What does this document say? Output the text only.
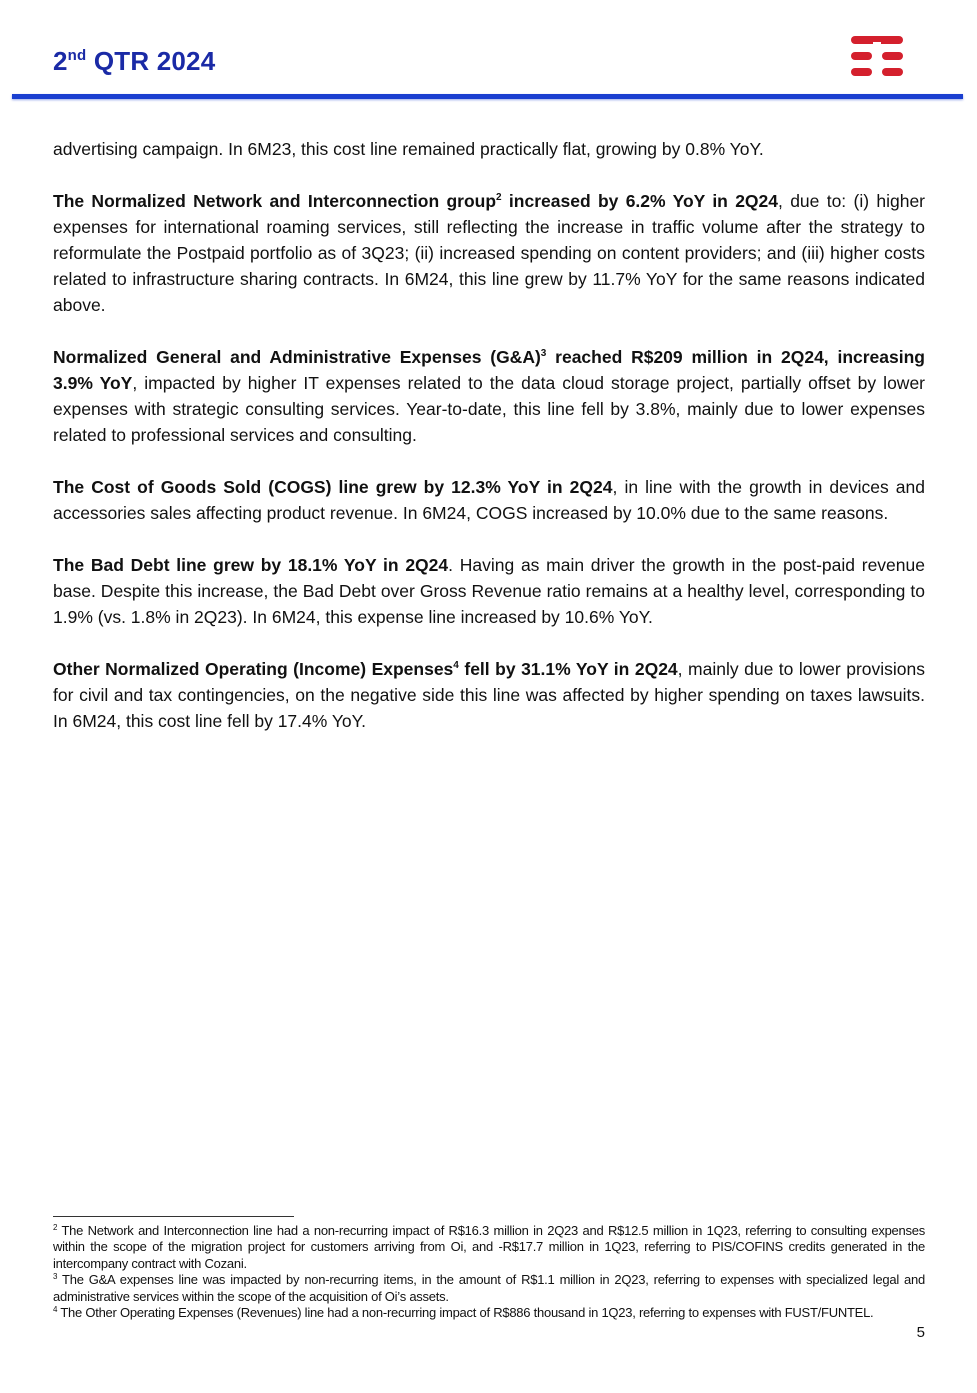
2nd QTR 2024

advertising campaign. In 6M23, this cost line remained practically flat, growing by 0.8% YoY.

The Normalized Network and Interconnection group$^2$ increased by 6.2% YoY in 2Q24, due to: (i) higher expenses for international roaming services, still reflecting the increase in traffic volume after the strategy to reformulate the Postpaid portfolio as of 3Q23; (ii) increased spending on content providers; and (iii) higher costs related to infrastructure sharing contracts. In 6M24, this line grew by 11.7% YoY for the same reasons indicated above.

Normalized General and Administrative Expenses (G&A)$^3$ reached R$209 million in 2Q24, increasing 3.9% YoY, impacted by higher IT expenses related to the data cloud storage project, partially offset by lower expenses with strategic consulting services. Year-to-date, this line fell by 3.8%, mainly due to lower expenses related to professional services and consulting.

The Cost of Goods Sold (COGS) line grew by 12.3% YoY in 2Q24, in line with the growth in devices and accessories sales affecting product revenue. In 6M24, COGS increased by 10.0% due to the same reasons.

The Bad Debt line grew by 18.1% YoY in 2Q24. Having as main driver the growth in the post-paid revenue base. Despite this increase, the Bad Debt over Gross Revenue ratio remains at a healthy level, corresponding to 1.9% (vs. 1.8% in 2Q23). In 6M24, this expense line increased by 10.6% YoY.

Other Normalized Operating (Income) Expenses$^4$ fell by 31.1% YoY in 2Q24, mainly due to lower provisions for civil and tax contingencies, on the negative side this line was affected by higher spending on taxes lawsuits. In 6M24, this cost line fell by 17.4% YoY.

$^2$ The Network and Interconnection line had a non-recurring impact of R$16.3 million in 2Q23 and R$12.5 million in 1Q23, referring to consulting expenses within the scope of the migration project for customers arriving from Oi, and -R$17.7 million in 1Q23, referring to PIS/COFINS credits generated in the intercompany contract with Cozani.

$^3$ The G&A expenses line was impacted by non-recurring items, in the amount of R$1.1 million in 2Q23, referring to expenses with specialized legal and administrative services within the scope of the acquisition of Oi’s assets.

$^4$ The Other Operating Expenses (Revenues) line had a non-recurring impact of R$886 thousand in 1Q23, referring to expenses with FUST/FUNTEL.

5
